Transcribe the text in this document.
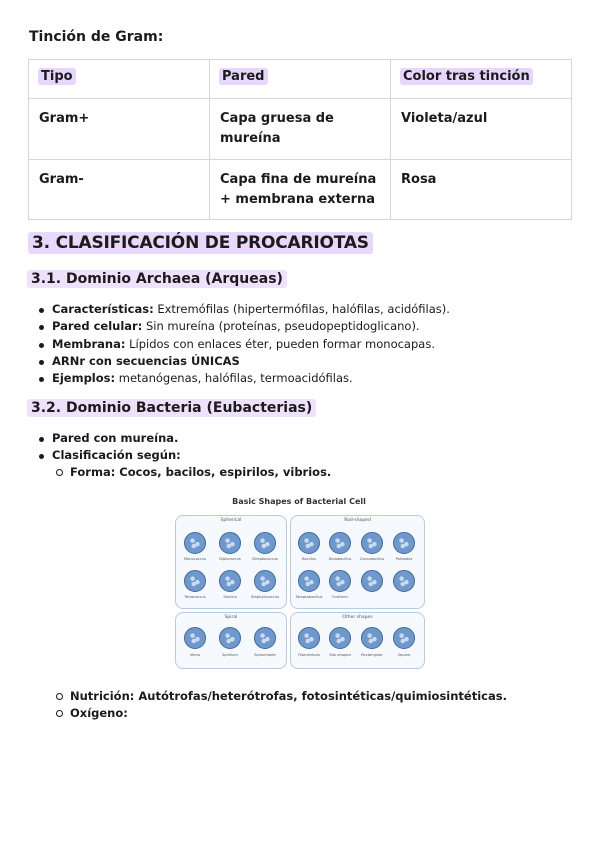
Tinción de Gram:
Tipo	Pared	Color tras tinción
Gram+	Capa gruesa de mureína	Violeta/azul
Gram-	Capa fina de mureína + membrana externa	Rosa
3. CLASIFICACIÓN DE PROCARIOTAS
3.1. Dominio Archaea (Arqueas)
Características: Extremófilas (hipertermófilas, halófilas, acidófilas).
Pared celular: Sin mureína (proteínas, pseudopeptidoglicano).
Membrana: Lípidos con enlaces éter, pueden formar monocapas.
ARNr con secuencias ÚNICAS
Ejemplos: metanógenas, halófilas, termoacidófilas.
3.2. Dominio Bacteria (Eubacterias)
Pared con mureína.
Clasificación según:
Forma: Cocos, bacilos, espirilos, vibrios.
Basic Shapes of Bacterial Cell
Spherical
Monococcus	Diplococcus	Streptococcus
Tetracoccus	Sarcina	Staphylococcus
Rod-shaped
Bacillus	Diplobacillus	Coccobacillus	Palisades
Streptobacillus	Fusiform
Spiral
Vibrio	Spirillum	Spirochaete
Other shapes
Filamentous	Star-shaped	Rectangular	Square
Nutrición: Autótrofas/heterótrofas, fotosintéticas/quimiosintéticas.
Oxígeno:
